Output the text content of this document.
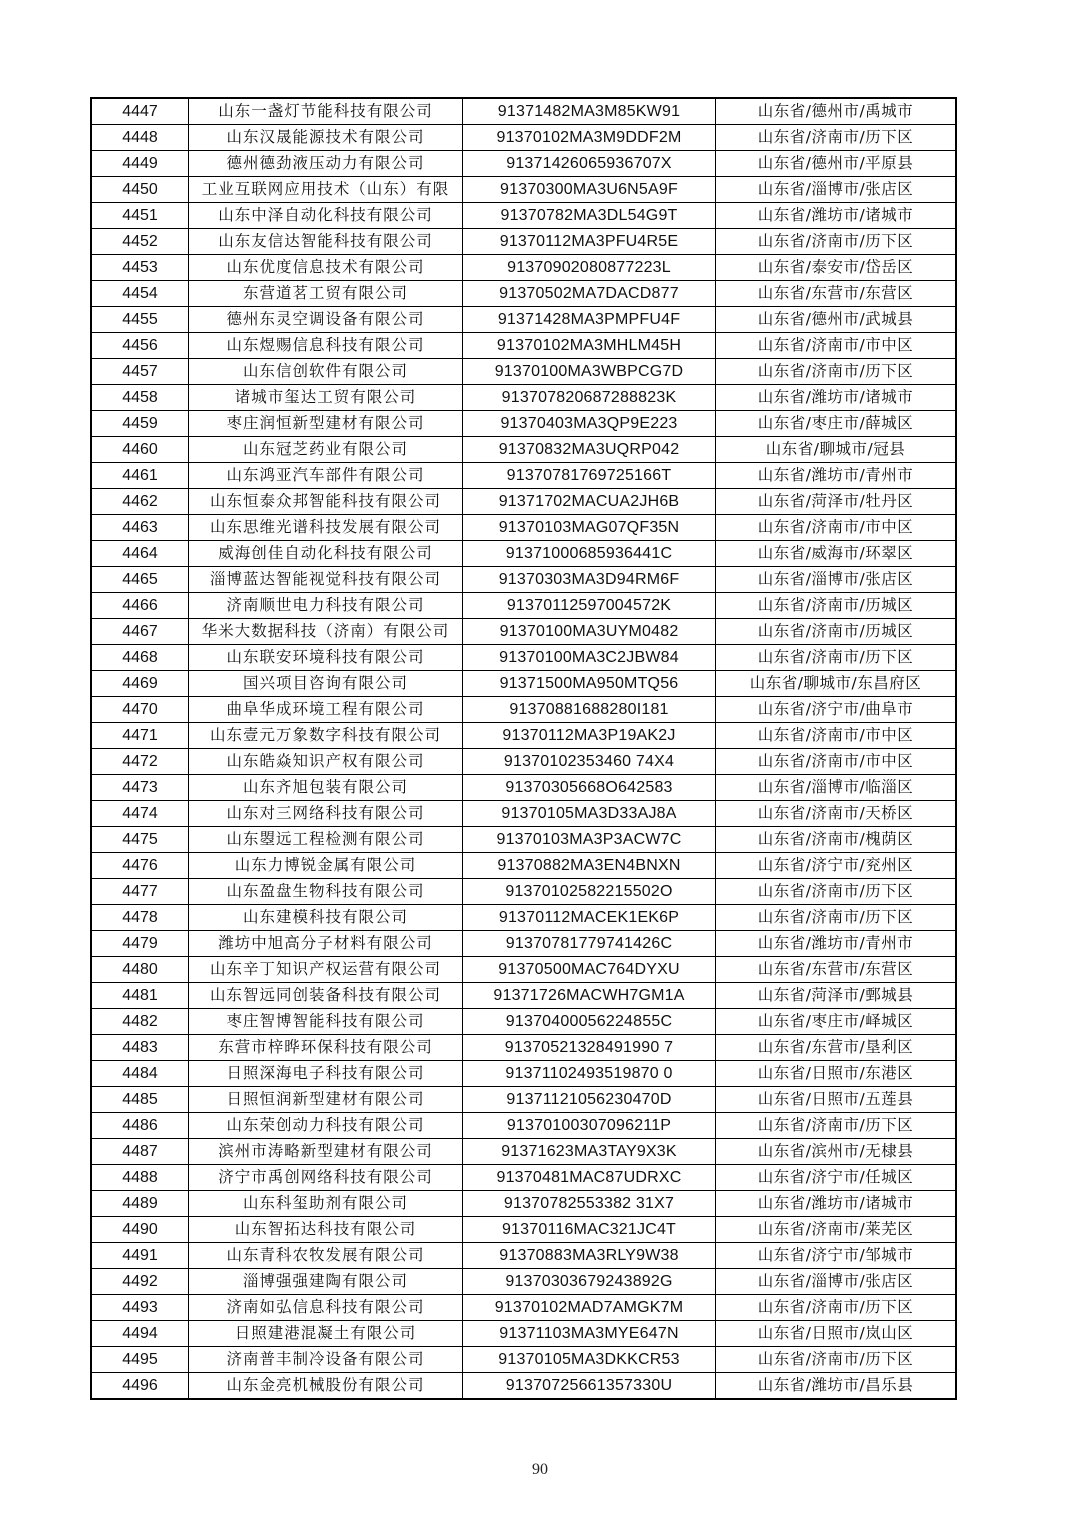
4447	山东一盏灯节能科技有限公司	91371482MA3M85KW91	山东省/德州市/禹城市
4448	山东汉晟能源技术有限公司	91370102MA3M9DDF2M	山东省/济南市/历下区
4449	德州德劲液压动力有限公司	91371426065936707X	山东省/德州市/平原县
4450	工业互联网应用技术（山东）有限	91370300MA3U6N5A9F	山东省/淄博市/张店区
4451	山东中泽自动化科技有限公司	91370782MA3DL54G9T	山东省/潍坊市/诸城市
4452	山东友信达智能科技有限公司	91370112MA3PFU4R5E	山东省/济南市/历下区
4453	山东优度信息技术有限公司	91370902080877223L	山东省/泰安市/岱岳区
4454	东营道茗工贸有限公司	91370502MA7DACD877	山东省/东营市/东营区
4455	德州东灵空调设备有限公司	91371428MA3PMPFU4F	山东省/德州市/武城县
4456	山东煜赐信息科技有限公司	91370102MA3MHLM45H	山东省/济南市/市中区
4457	山东信创软件有限公司	91370100MA3WBPCG7D	山东省/济南市/历下区
4458	诸城市玺达工贸有限公司	913707820687288823K	山东省/潍坊市/诸城市
4459	枣庄润恒新型建材有限公司	91370403MA3QP9E223	山东省/枣庄市/薛城区
4460	山东冠芝药业有限公司	91370832MA3UQRP042	山东省/聊城市/冠县
4461	山东鸿亚汽车部件有限公司	91370781769725166T	山东省/潍坊市/青州市
4462	山东恒泰众邦智能科技有限公司	91371702MACUA2JH6B	山东省/菏泽市/牡丹区
4463	山东思维光谱科技发展有限公司	91370103MAG07QF35N	山东省/济南市/市中区
4464	威海创佳自动化科技有限公司	91371000685936441C	山东省/威海市/环翠区
4465	淄博蓝达智能视觉科技有限公司	91370303MA3D94RM6F	山东省/淄博市/张店区
4466	济南顺世电力科技有限公司	91370112597004572K	山东省/济南市/历城区
4467	华米大数据科技（济南）有限公司	91370100MA3UYM0482	山东省/济南市/历城区
4468	山东联安环境科技有限公司	91370100MA3C2JBW84	山东省/济南市/历下区
4469	国兴项目咨询有限公司	91371500MA950MTQ56	山东省/聊城市/东昌府区
4470	曲阜华成环境工程有限公司	91370881688280I181	山东省/济宁市/曲阜市
4471	山东壹元万象数字科技有限公司	91370112MA3P19AK2J	山东省/济南市/市中区
4472	山东皓焱知识产权有限公司	91370102353460 74X4	山东省/济南市/市中区
4473	山东齐旭包装有限公司	91370305668O642583	山东省/淄博市/临淄区
4474	山东对三网络科技有限公司	91370105MA3D33AJ8A	山东省/济南市/天桥区
4475	山东曌远工程检测有限公司	91370103MA3P3ACW7C	山东省/济南市/槐荫区
4476	山东力博锐金属有限公司	91370882MA3EN4BNXN	山东省/济宁市/兖州区
4477	山东盈盘生物科技有限公司	91370102582215502O	山东省/济南市/历下区
4478	山东建模科技有限公司	91370112MACEK1EK6P	山东省/济南市/历下区
4479	潍坊中旭高分子材料有限公司	91370781779741426C	山东省/潍坊市/青州市
4480	山东辛丁知识产权运营有限公司	91370500MAC764DYXU	山东省/东营市/东营区
4481	山东智远同创装备科技有限公司	91371726MACWH7GM1A	山东省/菏泽市/鄄城县
4482	枣庄智博智能科技有限公司	91370400056224855C	山东省/枣庄市/峄城区
4483	东营市梓晔环保科技有限公司	91370521328491990 7	山东省/东营市/垦利区
4484	日照深海电子科技有限公司	91371102493519870 0	山东省/日照市/东港区
4485	日照恒润新型建材有限公司	91371121056230470D	山东省/日照市/五莲县
4486	山东荣创动力科技有限公司	91370100307096211P	山东省/济南市/历下区
4487	滨州市涛略新型建材有限公司	91371623MA3TAY9X3K	山东省/滨州市/无棣县
4488	济宁市禹创网络科技有限公司	91370481MAC87UDRXC	山东省/济宁市/任城区
4489	山东科玺助剂有限公司	91370782553382 31X7	山东省/潍坊市/诸城市
4490	山东智拓达科技有限公司	91370116MAC321JC4T	山东省/济南市/莱芜区
4491	山东青科农牧发展有限公司	91370883MA3RLY9W38	山东省/济宁市/邹城市
4492	淄博强强建陶有限公司	91370303679243892G	山东省/淄博市/张店区
4493	济南如弘信息科技有限公司	91370102MAD7AMGK7M	山东省/济南市/历下区
4494	日照建港混凝土有限公司	91371103MA3MYE647N	山东省/日照市/岚山区
4495	济南普丰制冷设备有限公司	91370105MA3DKKCR53	山东省/济南市/历下区
4496	山东金亮机械股份有限公司	91370725661357330U	山东省/潍坊市/昌乐县
90
